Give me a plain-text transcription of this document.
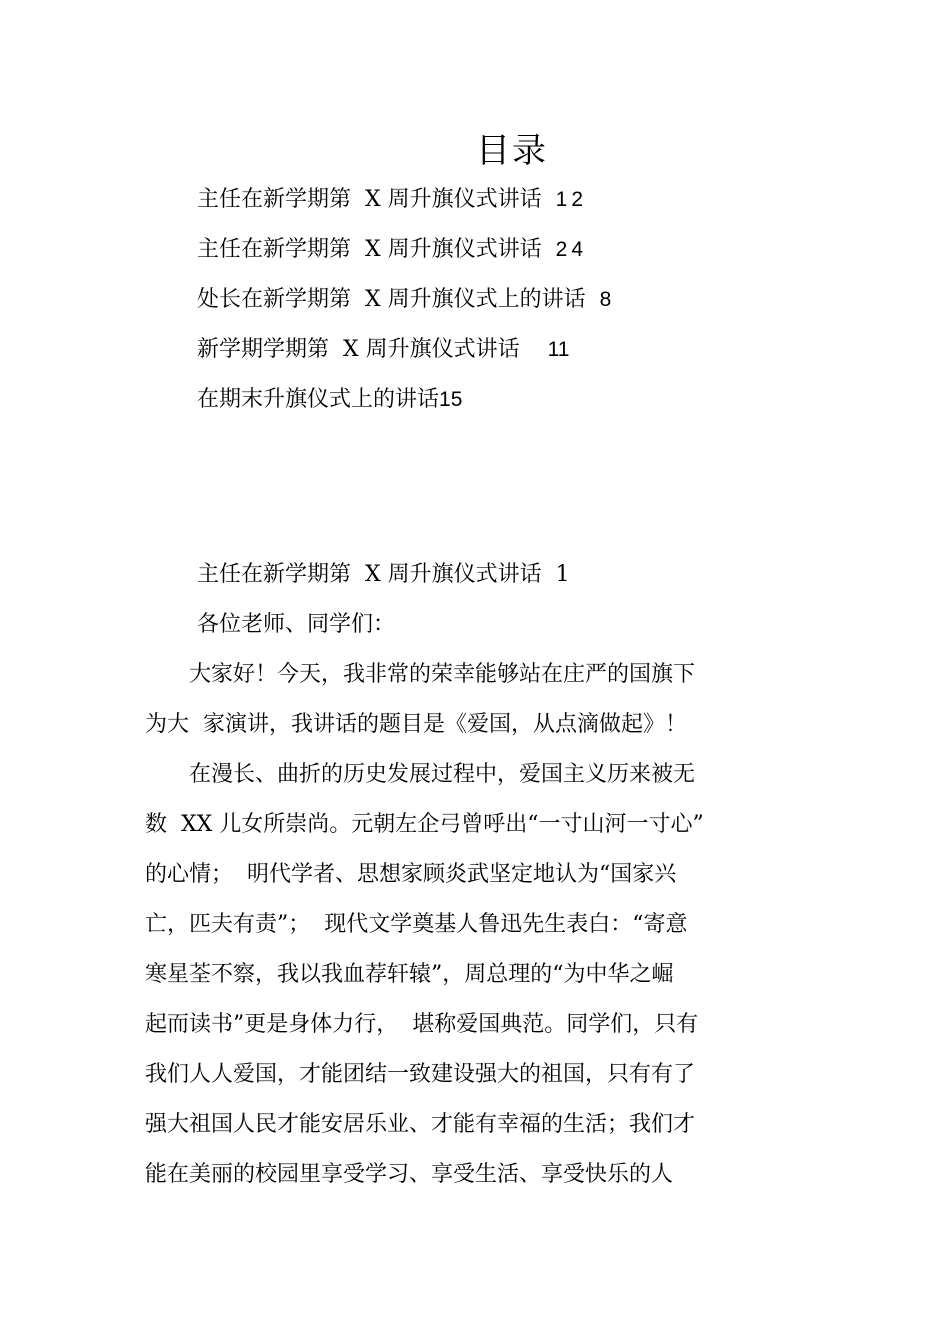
目录
主任在新学期第  X 周升旗仪式讲话  12
主任在新学期第  X 周升旗仪式讲话  24
处长在新学期第  X 周升旗仪式上的讲话  8
新学期学期第  X 周升旗仪式讲话    11
在期末升旗仪式上的讲话15
主任在新学期第  X 周升旗仪式讲话  1
各位老师、同学们：
　　大家好！今天，我非常的荣幸能够站在庄严的国旗下
为大  家演讲，我讲话的题目是《爱国，从点滴做起》！
　　在漫长、曲折的历史发展过程中，爱国主义历来被无
数  XX 儿女所崇尚。元朝左企弓曾呼出“一寸山河一寸心”
的心情；  明代学者、思想家顾炎武坚定地认为“国家兴
亡，匹夫有责”；  现代文学奠基人鲁迅先生表白：“寄意
寒星荃不察，我以我血荐轩辕”，周总理的“为中华之崛
起而读书”更是身体力行，  堪称爱国典范。同学们，只有
我们人人爱国，才能团结一致建设强大的祖国，只有有了
强大祖国人民才能安居乐业、才能有幸福的生活；我们才
能在美丽的校园里享受学习、享受生活、享受快乐的人
